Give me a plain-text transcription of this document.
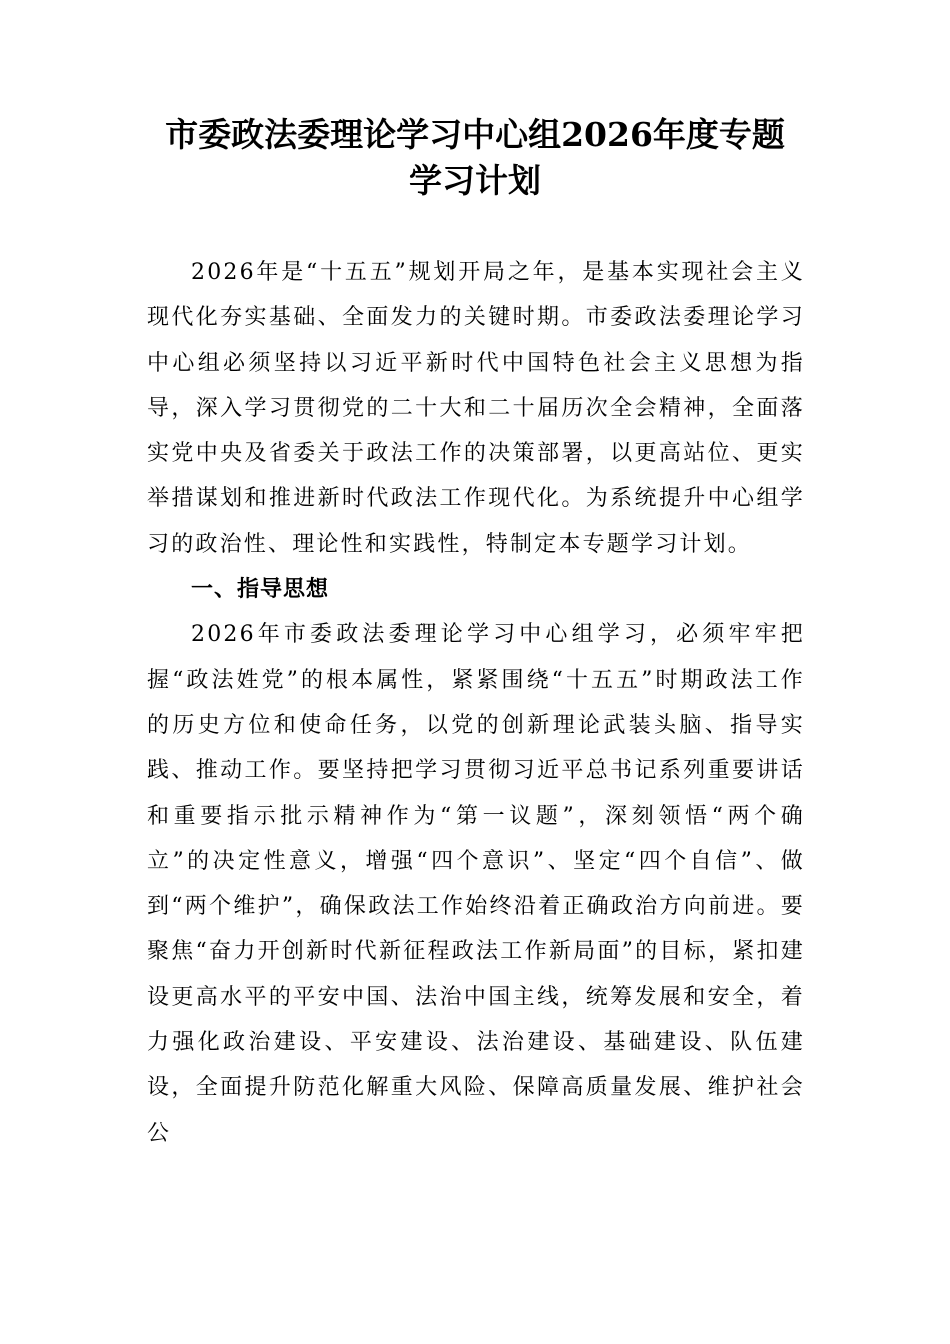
市委政法委理论学习中心组2026年度专题
学习计划

2026年是“十五五”规划开局之年，是基本实现社会主义现代化夯实基础、全面发力的关键时期。市委政法委理论学习中心组必须坚持以习近平新时代中国特色社会主义思想为指导，深入学习贯彻党的二十大和二十届历次全会精神，全面落实党中央及省委关于政法工作的决策部署，以更高站位、更实举措谋划和推进新时代政法工作现代化。为系统提升中心组学习的政治性、理论性和实践性，特制定本专题学习计划。

一、指导思想

2026年市委政法委理论学习中心组学习，必须牢牢把握“政法姓党”的根本属性，紧紧围绕“十五五”时期政法工作的历史方位和使命任务，以党的创新理论武装头脑、指导实践、推动工作。要坚持把学习贯彻习近平总书记系列重要讲话和重要指示批示精神作为“第一议题”，深刻领悟“两个确立”的决定性意义，增强“四个意识”、坚定“四个自信”、做到“两个维护”，确保政法工作始终沿着正确政治方向前进。要聚焦“奋力开创新时代新征程政法工作新局面”的目标，紧扣建设更高水平的平安中国、法治中国主线，统筹发展和安全，着力强化政治建设、平安建设、法治建设、基础建设、队伍建设，全面提升防范化解重大风险、保障高质量发展、维护社会公
